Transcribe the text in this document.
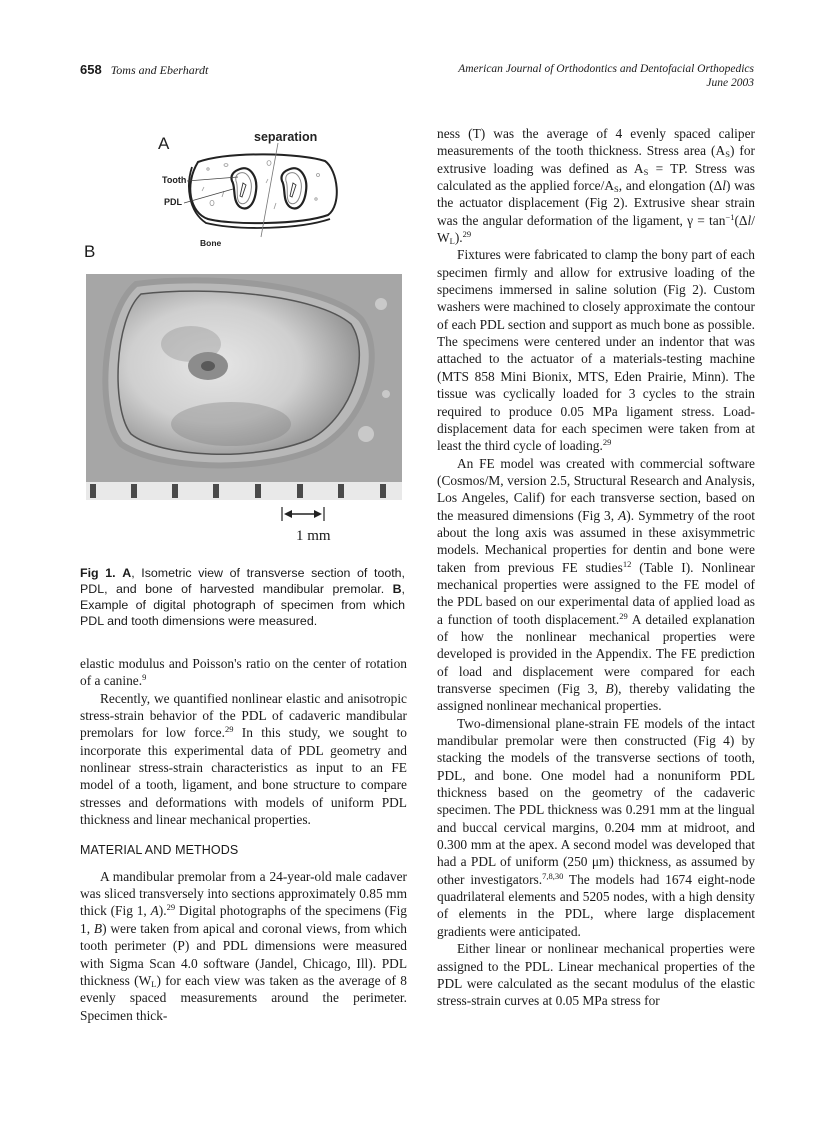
658 Toms and Eberhardt	American Journal of Orthodontics and Dentofacial Orthopedics
June 2003
A	separation
Tooth
PDL
Bone
B
1 mm
Fig 1. A, Isometric view of transverse section of tooth, PDL, and bone of harvested mandibular premolar. B, Example of digital photograph of specimen from which PDL and tooth dimensions were measured.

elastic modulus and Poisson's ratio on the center of rotation of a canine.$^9$

Recently, we quantified nonlinear elastic and anisotropic stress-strain behavior of the PDL of cadaveric mandibular premolars for low force.$^{29}$ In this study, we sought to incorporate this experimental data of PDL geometry and nonlinear stress-strain characteristics as input to an FE model of a tooth, ligament, and bone structure to compare stresses and deformations with models of uniform PDL thickness and linear mechanical properties.

MATERIAL AND METHODS

A mandibular premolar from a 24-year-old male cadaver was sliced transversely into sections approximately 0.85 mm thick (Fig 1, A).$^{29}$ Digital photographs of the specimens (Fig 1, B) were taken from apical and coronal views, from which tooth perimeter (P) and PDL dimensions were measured with Sigma Scan 4.0 software (Jandel, Chicago, Ill). PDL thickness $(W_L)$ for each view was taken as the average of 8 evenly spaced measurements around the perimeter. Specimen thick-

ness (T) was the average of 4 evenly spaced caliper measurements of the tooth thickness. Stress area $(A_S)$ for extrusive loading was defined as $A_S$ = TP. Stress was calculated as the applied force/$A_S$, and elongation (Δl) was the actuator displacement (Fig 2). Extrusive shear strain was the angular deformation of the ligament, $\gamma = \tan^{-1}(\Delta l/$ $W_L).^{29}$

Fixtures were fabricated to clamp the bony part of each specimen firmly and allow for extrusive loading of the specimens immersed in saline solution (Fig 2). Custom washers were machined to closely approximate the contour of each PDL section and support as much bone as possible. The specimens were centered under an indentor that was attached to the actuator of a materials-testing machine (MTS 858 Mini Bionix, MTS, Eden Prairie, Minn). The tissue was cyclically loaded for 3 cycles to the strain required to produce 0.05 MPa ligament stress. Load-displacement data for each specimen were taken from at least the third cycle of loading.$^{29}$

An FE model was created with commercial software (Cosmos/M, version 2.5, Structural Research and Analysis, Los Angeles, Calif) for each transverse section, based on the measured dimensions (Fig 3, A). Symmetry of the root about the long axis was assumed in these axisymmetric models. Mechanical properties for dentin and bone were taken from previous FE studies$^{12}$ (Table I). Nonlinear mechanical properties were assigned to the FE model of the PDL based on our experimental data of applied load as a function of tooth displacement.$^{29}$ A detailed explanation of how the nonlinear mechanical properties were developed is provided in the Appendix. The FE prediction of load and displacement were compared for each transverse specimen (Fig 3, B), thereby validating the assigned nonlinear mechanical properties.

Two-dimensional plane-strain FE models of the intact mandibular premolar were then constructed (Fig 4) by stacking the models of the transverse sections of tooth, PDL, and bone. One model had a nonuniform PDL thickness based on the geometry of the cadaveric specimen. The PDL thickness was 0.291 mm at the lingual and buccal cervical margins, 0.204 mm at midroot, and 0.300 mm at the apex. A second model was developed that had a PDL of uniform (250 μm) thickness, as assumed by other investigators.$^{7,8,30}$ The models had 1674 eight-node quadrilateral elements and 5205 nodes, with a high density of elements in the PDL, where large displacement gradients were anticipated.

Either linear or nonlinear mechanical properties were assigned to the PDL. Linear mechanical properties of the PDL were calculated as the secant modulus of the elastic stress-strain curves at 0.05 MPa stress for
